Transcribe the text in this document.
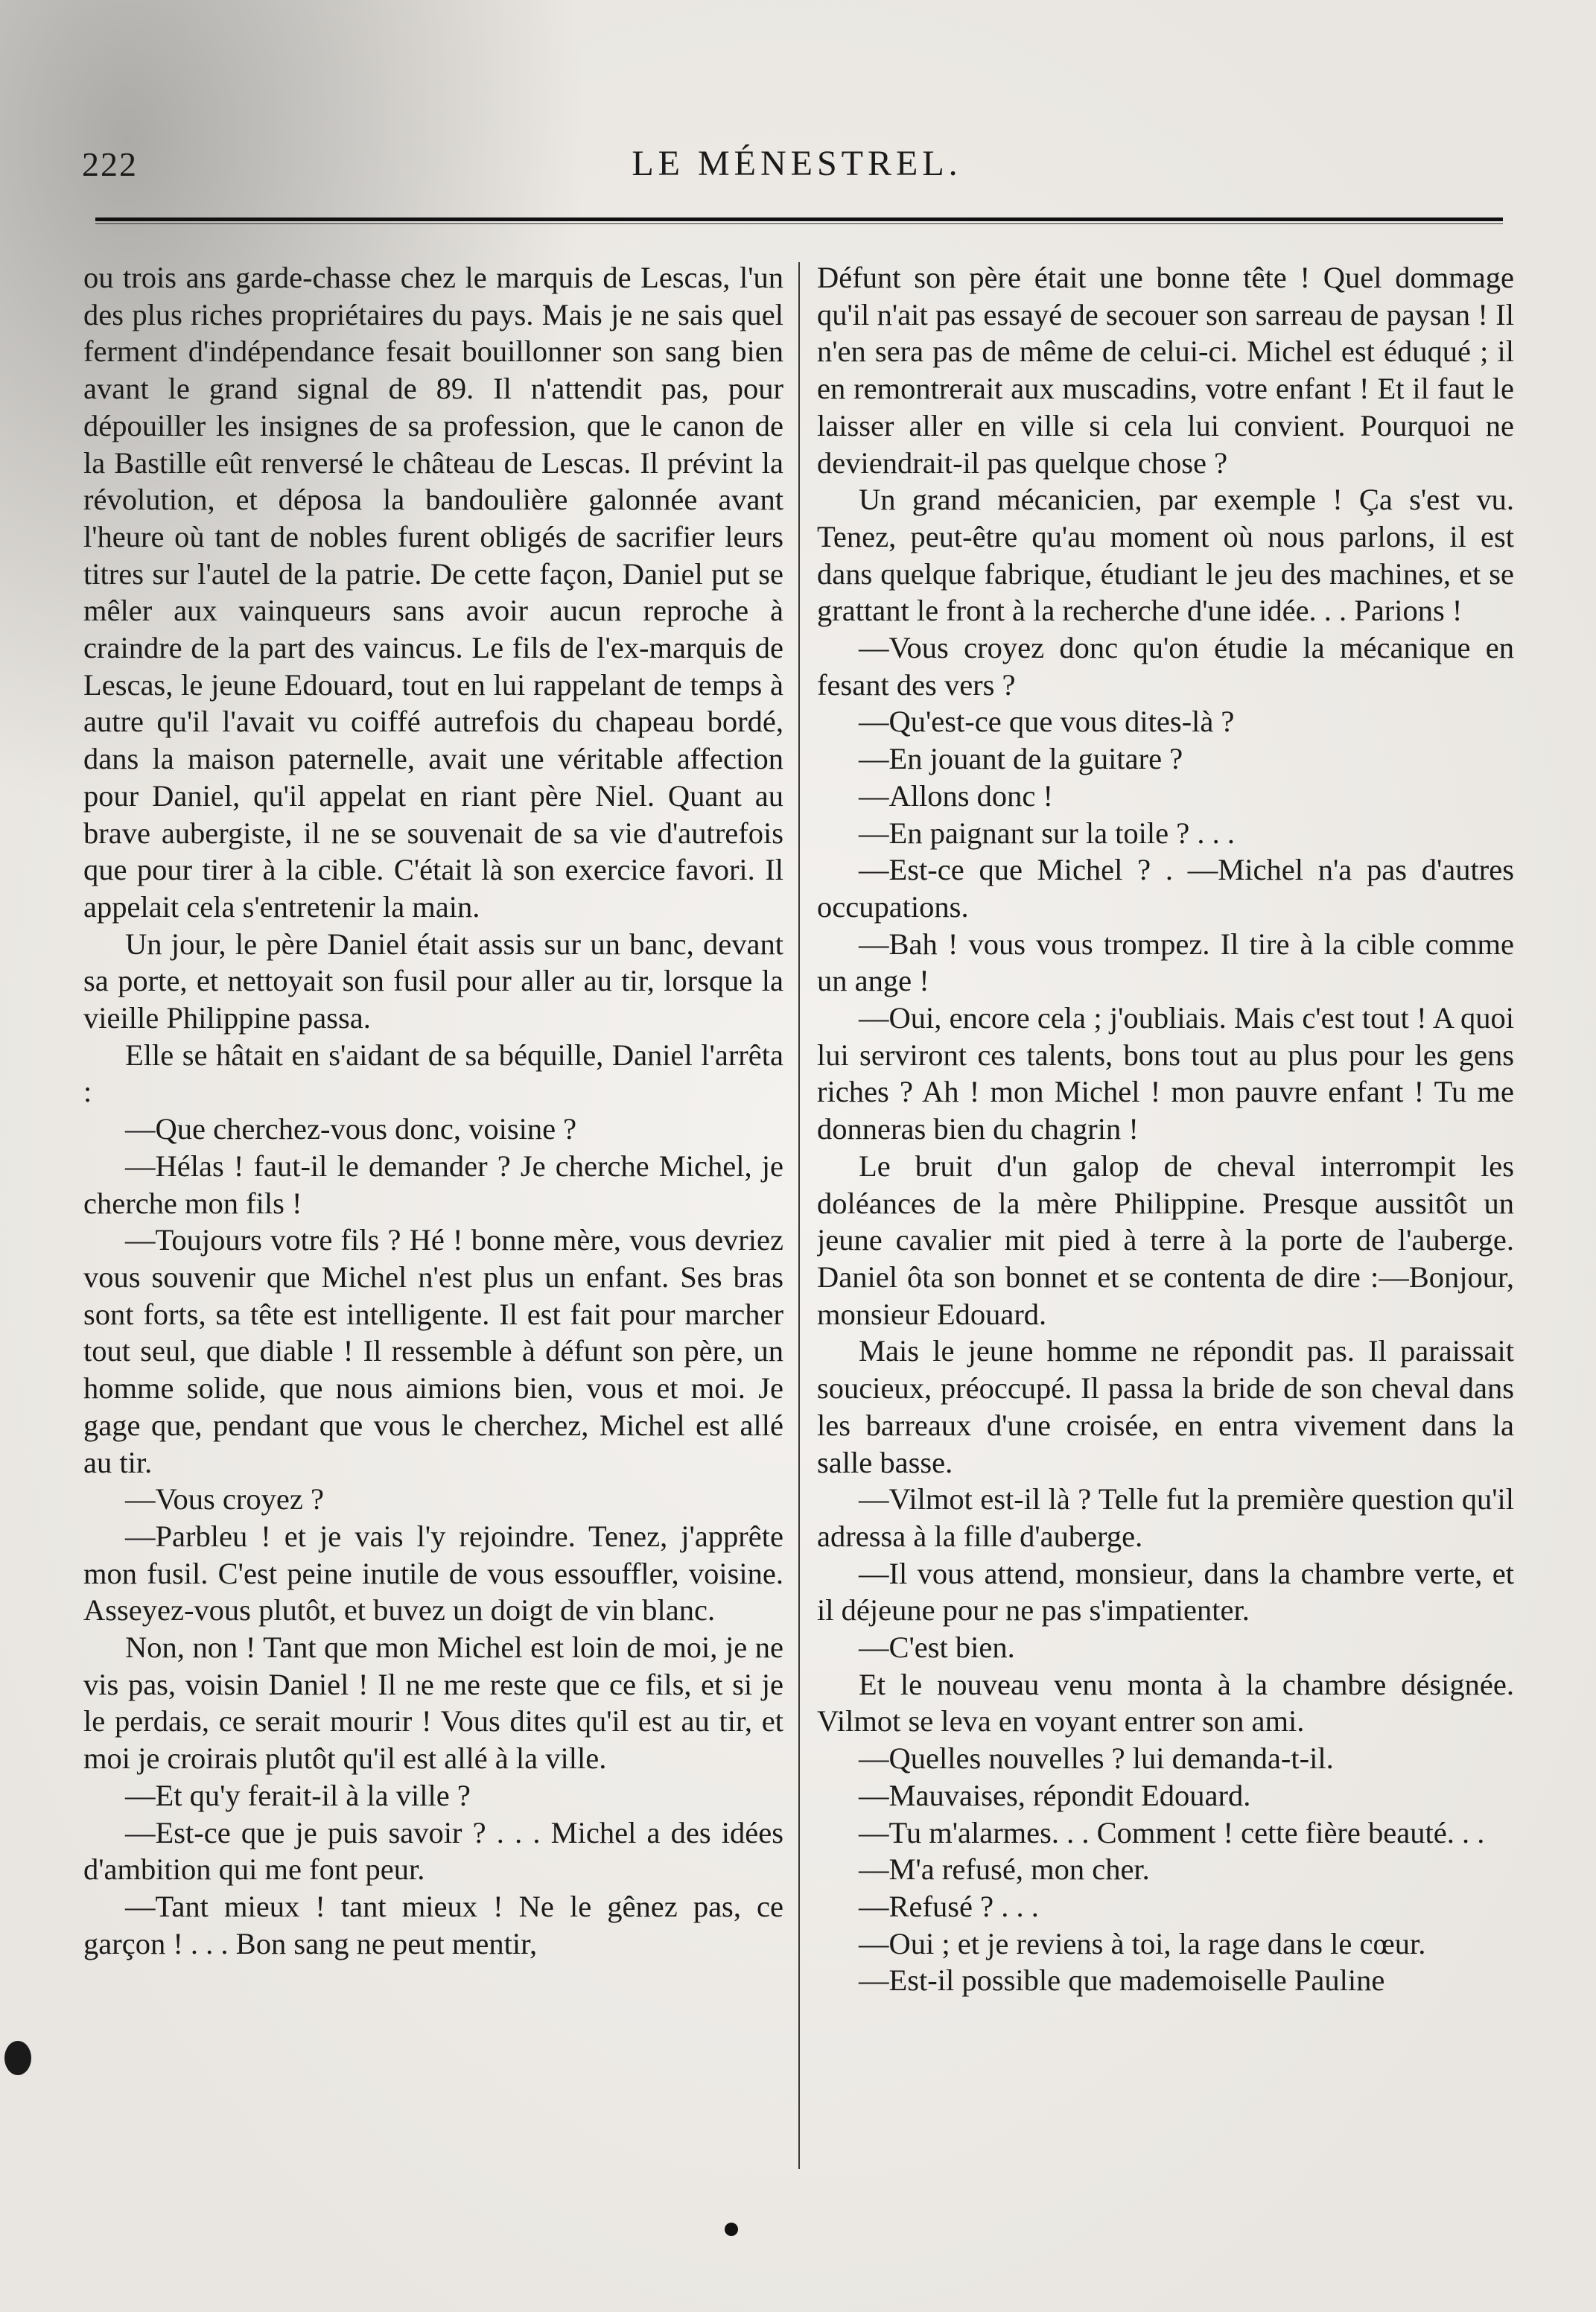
222	LE MÉNESTREL.

ou trois ans garde-chasse chez le marquis de Lescas, l'un des plus riches propriétaires du pays. Mais je ne sais quel ferment d'indépendance fesait bouillonner son sang bien avant le grand signal de 89. Il n'attendit pas, pour dépouiller les insignes de sa profession, que le canon de la Bastille eût renversé le château de Lescas. Il prévint la révolution, et déposa la bandoulière galonnée avant l'heure où tant de nobles furent obligés de sacrifier leurs titres sur l'autel de la patrie. De cette façon, Daniel put se mêler aux vainqueurs sans avoir aucun reproche à craindre de la part des vaincus. Le fils de l'ex-marquis de Lescas, le jeune Edouard, tout en lui rappelant de temps à autre qu'il l'avait vu coiffé autrefois du chapeau bordé, dans la maison paternelle, avait une véritable affection pour Daniel, qu'il appelat en riant père Niel. Quant au brave aubergiste, il ne se souvenait de sa vie d'autrefois que pour tirer à la cible. C'était là son exercice favori. Il appelait cela s'entretenir la main.

Un jour, le père Daniel était assis sur un banc, devant sa porte, et nettoyait son fusil pour aller au tir, lorsque la vieille Philippine passa.

Elle se hâtait en s'aidant de sa béquille, Daniel l'arrêta :

—Que cherchez-vous donc, voisine ?

—Hélas ! faut-il le demander ? Je cherche Michel, je cherche mon fils !

—Toujours votre fils ? Hé ! bonne mère, vous devriez vous souvenir que Michel n'est plus un enfant. Ses bras sont forts, sa tête est intelligente. Il est fait pour marcher tout seul, que diable ! Il ressemble à défunt son père, un homme solide, que nous aimions bien, vous et moi. Je gage que, pendant que vous le cherchez, Michel est allé au tir.

—Vous croyez ?

—Parbleu ! et je vais l'y rejoindre. Tenez, j'apprête mon fusil. C'est peine inutile de vous essouffler, voisine. Asseyez-vous plutôt, et buvez un doigt de vin blanc.

Non, non ! Tant que mon Michel est loin de moi, je ne vis pas, voisin Daniel ! Il ne me reste que ce fils, et si je le perdais, ce serait mourir ! Vous dites qu'il est au tir, et moi je croirais plutôt qu'il est allé à la ville.

—Et qu'y ferait-il à la ville ?

—Est-ce que je puis savoir ? . . . Michel a des idées d'ambition qui me font peur.

—Tant mieux ! tant mieux ! Ne le gênez pas, ce garçon ! . . . Bon sang ne peut mentir,

Défunt son père était une bonne tête ! Quel dommage qu'il n'ait pas essayé de secouer son sarreau de paysan ! Il n'en sera pas de même de celui-ci. Michel est éduqué ; il en remontrerait aux muscadins, votre enfant ! Et il faut le laisser aller en ville si cela lui convient. Pourquoi ne deviendrait-il pas quelque chose ?

Un grand mécanicien, par exemple ! Ça s'est vu. Tenez, peut-être qu'au moment où nous parlons, il est dans quelque fabrique, étudiant le jeu des machines, et se grattant le front à la recherche d'une idée. . . Parions !

—Vous croyez donc qu'on étudie la mécanique en fesant des vers ?

—Qu'est-ce que vous dites-là ?

—En jouant de la guitare ?

—Allons donc !

—En paignant sur la toile ? . . .

—Est-ce que Michel ? . —Michel n'a pas d'autres occupations.

—Bah ! vous vous trompez. Il tire à la cible comme un ange !

—Oui, encore cela ; j'oubliais. Mais c'est tout ! A quoi lui serviront ces talents, bons tout au plus pour les gens riches ? Ah ! mon Michel ! mon pauvre enfant ! Tu me donneras bien du chagrin !

Le bruit d'un galop de cheval interrompit les doléances de la mère Philippine. Presque aussitôt un jeune cavalier mit pied à terre à la porte de l'auberge. Daniel ôta son bonnet et se contenta de dire :—Bonjour, monsieur Edouard.

Mais le jeune homme ne répondit pas. Il paraissait soucieux, préoccupé. Il passa la bride de son cheval dans les barreaux d'une croisée, en entra vivement dans la salle basse.

—Vilmot est-il là ? Telle fut la première question qu'il adressa à la fille d'auberge.

—Il vous attend, monsieur, dans la chambre verte, et il déjeune pour ne pas s'impatienter.

—C'est bien.

Et le nouveau venu monta à la chambre désignée. Vilmot se leva en voyant entrer son ami.

—Quelles nouvelles ? lui demanda-t-il.

—Mauvaises, répondit Edouard.

—Tu m'alarmes. . . Comment ! cette fière beauté. . .

—M'a refusé, mon cher.

—Refusé ? . . .

—Oui ; et je reviens à toi, la rage dans le cœur.

—Est-il possible que mademoiselle Pauline
